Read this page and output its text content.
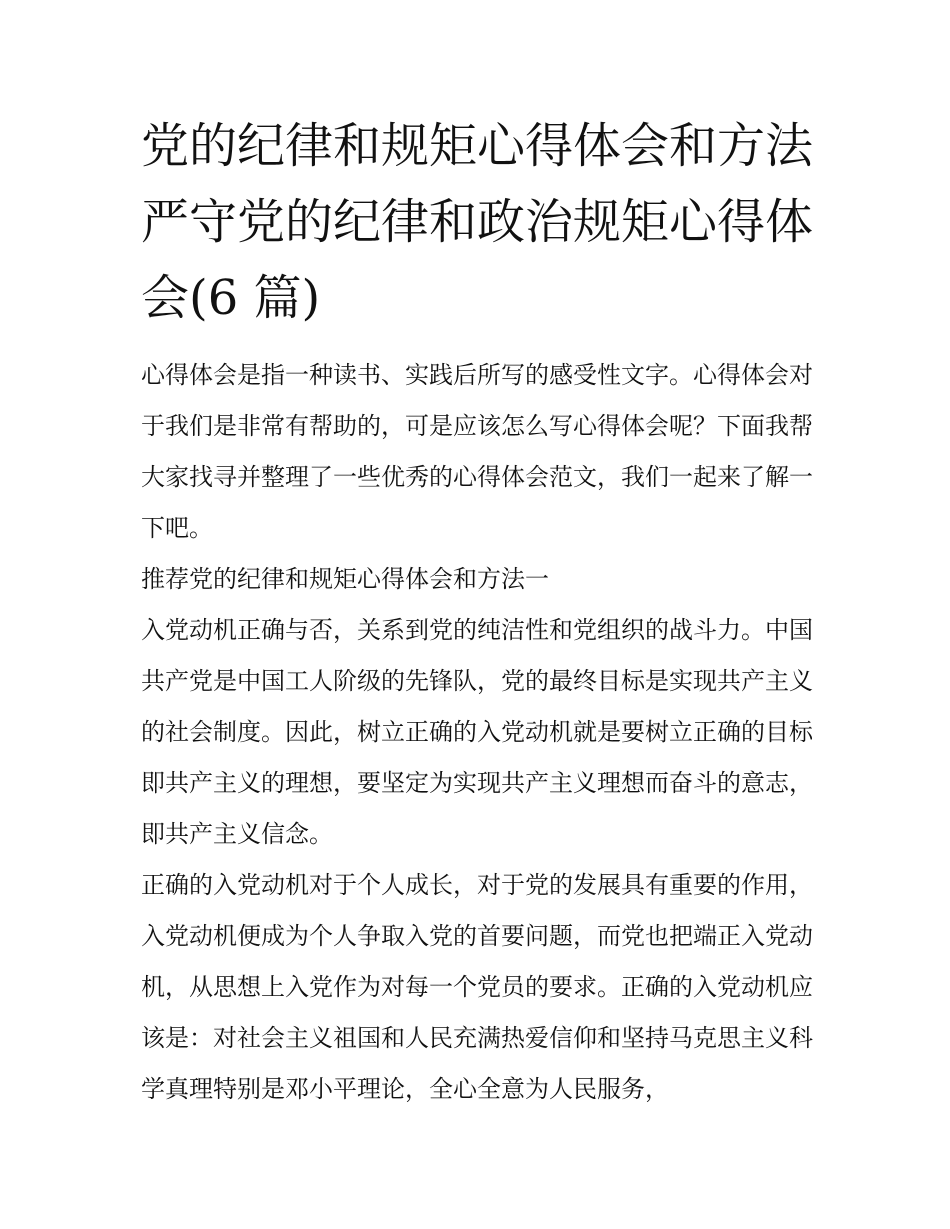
党的纪律和规矩心得体会和方法 严守党的纪律和政治规矩心得体会(6 篇)

心得体会是指一种读书、实践后所写的感受性文字。心得体会对于我们是非常有帮助的，可是应该怎么写心得体会呢？下面我帮大家找寻并整理了一些优秀的心得体会范文，我们一起来了解一下吧。

推荐党的纪律和规矩心得体会和方法一

入党动机正确与否，关系到党的纯洁性和党组织的战斗力。中国共产党是中国工人阶级的先锋队，党的最终目标是实现共产主义的社会制度。因此，树立正确的入党动机就是要树立正确的目标即共产主义的理想，要坚定为实现共产主义理想而奋斗的意志，即共产主义信念。

正确的入党动机对于个人成长，对于党的发展具有重要的作用，入党动机便成为个人争取入党的首要问题，而党也把端正入党动机，从思想上入党作为对每一个党员的要求。正确的入党动机应该是：对社会主义祖国和人民充满热爱信仰和坚持马克思主义科学真理特别是邓小平理论，全心全意为人民服务，
